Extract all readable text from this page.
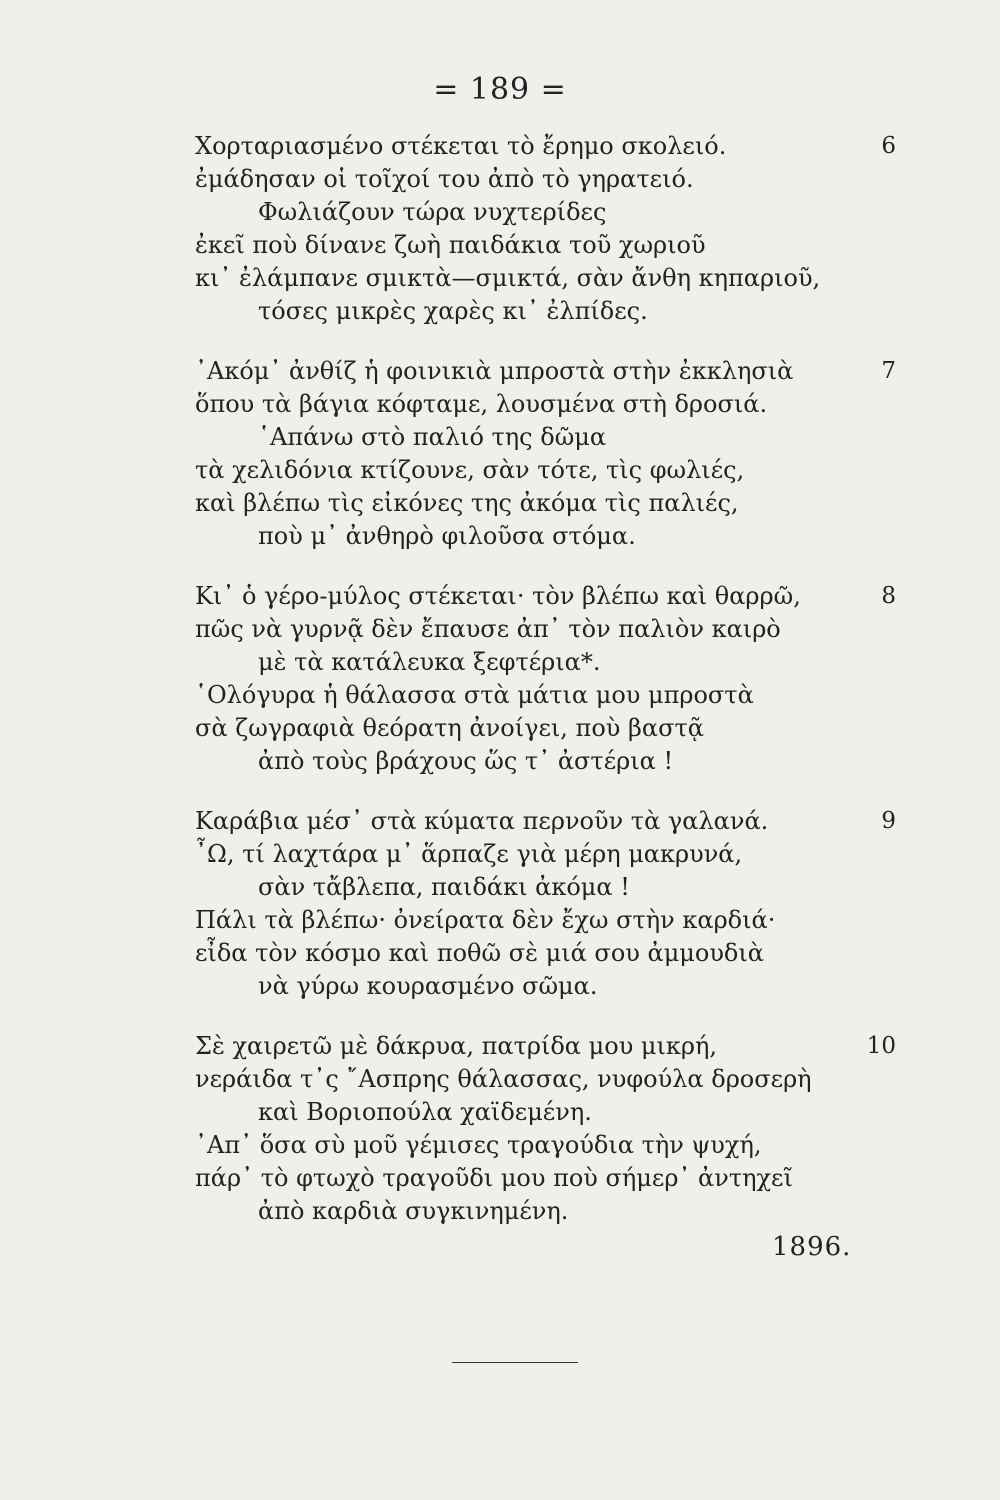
= 189 =
6
Χορταριασμένο στέκεται τὸ ἔρημο σκολειό.
ἐμάδησαν οἱ τοῖχοί του ἀπὸ τὸ γηρατειό.
Φωλιάζουν τώρα νυχτερίδες
ἐκεῖ ποὺ δίνανε ζωὴ παιδάκια τοῦ χωριοῦ
κι᾿ ἐλάμπανε σμικτὰ—σμικτά, σὰν ἄνθη κηπαριοῦ,
τόσες μικρὲς χαρὲς κι᾿ ἐλπίδες.
7
᾿Ακόμ᾿ ἀνθίζ ἡ φοινικιὰ μπροστὰ στὴν ἐκκλησιὰ
ὅπου τὰ βάγια κόφταμε, λουσμένα στὴ δροσιά.
῾Απάνω στὸ παλιό της δῶμα
τὰ χελιδόνια κτίζουνε, σὰν τότε, τὶς φωλιές,
καὶ βλέπω τὶς εἰκόνες της ἀκόμα τὶς παλιές,
ποὺ μ᾿ ἀνθηρὸ φιλοῦσα στόμα.
8
Κι᾿ ὁ γέρο-μύλος στέκεται· τὸν βλέπω καὶ θαρρῶ,
πῶς νὰ γυρνᾷ δὲν ἔπαυσε ἀπ᾿ τὸν παλιὸν καιρὸ
μὲ τὰ κατάλευκα ξεφτέρια*.
῾Ολόγυρα ἡ θάλασσα στὰ μάτια μου μπροστὰ
σὰ ζωγραφιὰ θεόρατη ἀνοίγει, ποὺ βαστᾷ
ἀπὸ τοὺς βράχους ὥς τ᾿ ἀστέρια !
9
Καράβια μέσ᾿ στὰ κύματα περνοῦν τὰ γαλανά.
῏Ω, τί λαχτάρα μ᾿ ἅρπαζε γιὰ μέρη μακρυνά,
σὰν τἄβλεπα, παιδάκι ἀκόμα !
Πάλι τὰ βλέπω· ὀνείρατα δὲν ἔχω στὴν καρδιά·
εἶδα τὸν κόσμο καὶ ποθῶ σὲ μιά σου ἀμμουδιὰ
νὰ γύρω κουρασμένο σῶμα.
10
Σὲ χαιρετῶ μὲ δάκρυα, πατρίδα μου μικρή,
νεράιδα τ᾿ς ῎Ασπρης θάλασσας, νυφούλα δροσερὴ
καὶ Βοριοπούλα χαϊδεμένη.
᾿Απ᾿ ὅσα σὺ μοῦ γέμισες τραγούδια τὴν ψυχή,
πάρ᾿ τὸ φτωχὸ τραγοῦδι μου ποὺ σήμερ᾿ ἀντηχεῖ
ἀπὸ καρδιὰ συγκινημένη.
1896.
